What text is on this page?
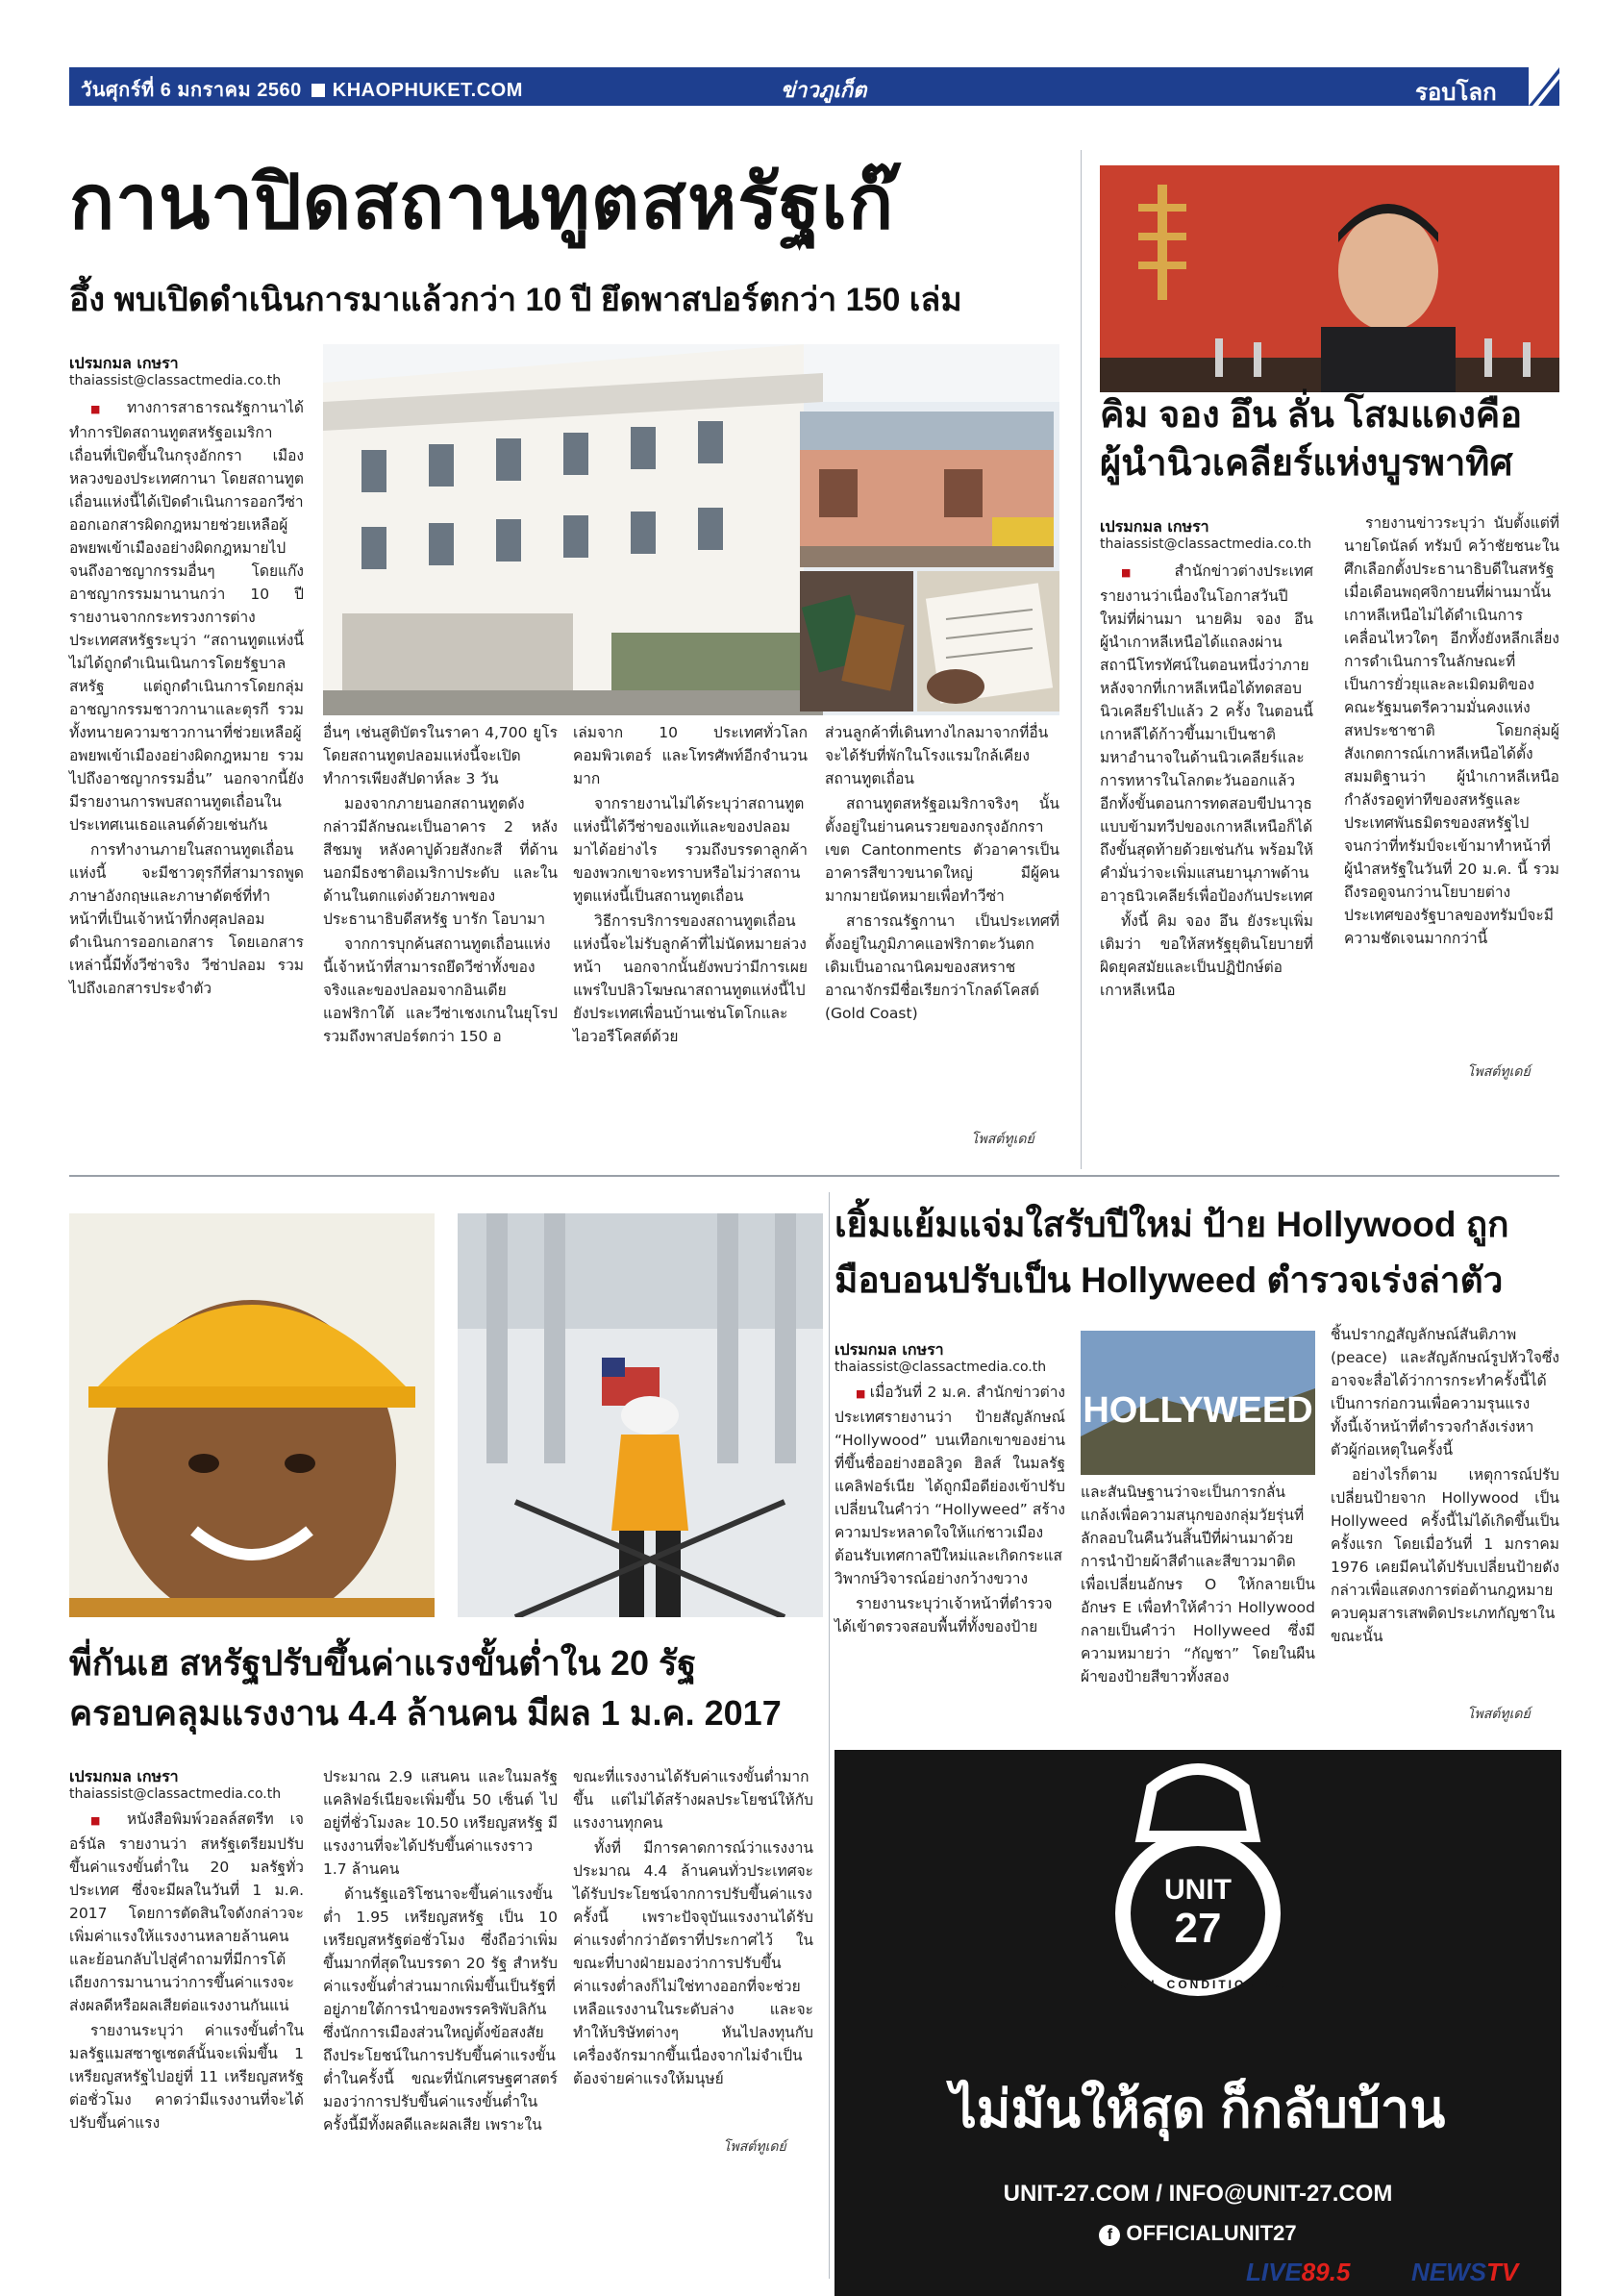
วันศุกร์ที่ 6 มกราคม 2560 KHAOPHUKET.COM	ข่าวภูเก็ต	รอบโลก
กานาปิดสถานทูตสหรัฐเก๊
อึ้ง พบเปิดดำเนินการมาแล้วกว่า 10 ปี ยึดพาสปอร์ตกว่า 150 เล่ม
เปรมกมล เกษรา
thaiassist@classactmedia.co.th

■ ทางการสาธารณรัฐกานาได้ทำการปิดสถานทูตสหรัฐอเมริกาเถื่อนที่เปิดขึ้นในกรุงอักกรา เมืองหลวงของประเทศกานา โดยสถานทูตเถื่อนแห่งนี้ได้เปิดดำเนินการออกวีซ่า ออกเอกสารผิดกฎหมายช่วยเหลือผู้อพยพเข้าเมืองอย่างผิดกฎหมายไปจนถึงอาชญากรรมอื่นๆ โดยแก๊งอาชญากรรมมานานกว่า 10 ปี รายงานจากกระทรวงการต่างประเทศสหรัฐระบุว่า “สถานทูตแห่งนี้ไม่ได้ถูกดำเนินเนินการโดยรัฐบาลสหรัฐ แต่ถูกดำเนินการโดยกลุ่มอาชญากรรมชาวกานาและตุรกี รวมทั้งทนายความชาวกานาที่ช่วยเหลือผู้อพยพเข้าเมืองอย่างผิดกฎหมาย รวมไปถึงอาชญากรรมอื่น” นอกจากนี้ยังมีรายงานการพบสถานทูตเถื่อนในประเทศเนเธอแลนด์ด้วยเช่นกัน

การทำงานภายในสถานทูตเถื่อนแห่งนี้ จะมีชาวตุรกีที่สามารถพูดภาษาอังกฤษและภาษาดัตช์ที่ทำหน้าที่เป็นเจ้าหน้าที่กงศุลปลอม ดำเนินการออกเอกสาร โดยเอกสารเหล่านี้มีทั้งวีซ่าจริง วีซ่าปลอม รวมไปถึงเอกสารประจำตัว

อื่นๆ เช่นสูติบัตรในราคา 4,700 ยูโร โดยสถานทูตปลอมแห่งนี้จะเปิดทำการเพียงสัปดาห์ละ 3 วัน

มองจากภายนอกสถานทูตดังกล่าวมีลักษณะเป็นอาคาร 2 หลังสีชมพู หลังคาปูด้วยสังกะสี ที่ด้านนอกมีธงชาติอเมริกาประดับ และในด้านในตกแต่งด้วยภาพของประธานาธิบดีสหรัฐ บารัก โอบามา

จากการบุกค้นสถานทูตเถื่อนแห่งนี้เจ้าหน้าที่สามารถยึดวีซ่าทั้งของจริงและของปลอมจากอินเดีย แอฟริกาใต้ และวีซ่าเชงเกนในยุโรป รวมถึงพาสปอร์ตกว่า 150 อ

เล่มจาก 10 ประเทศทั่วโลก คอมพิวเตอร์ และโทรศัพท์อีกจำนวนมาก

จากรายงานไม่ได้ระบุว่าสถานทูตแห่งนี้ได้วีซ่าของแท้และของปลอมมาได้อย่างไร รวมถึงบรรดาลูกค้าของพวกเขาจะทราบหรือไม่ว่าสถานทูตแห่งนี้เป็นสถานทูตเถื่อน

วิธีการบริการของสถานทูตเถื่อนแห่งนี้จะไม่รับลูกค้าที่ไม่นัดหมายล่วงหน้า นอกจากนั้นยังพบว่ามีการเผยแพร่ใบปลิวโฆษณาสถานทูตแห่งนี้ไปยังประเทศเพื่อนบ้านเช่นโตโกและไอวอรีโคสต์ด้วย

ส่วนลูกค้าที่เดินทางไกลมาจากที่อื่นจะได้รับที่พักในโรงแรมใกล้เคียงสถานทูตเถื่อน

สถานทูตสหรัฐอเมริกาจริงๆ นั้นตั้งอยู่ในย่านคนรวยของกรุงอักกรา เขต Cantonments ตัวอาคารเป็นอาคารสีขาวขนาดใหญ่ มีผู้คนมากมายนัดหมายเพื่อทำวีซ่า

สาธารณรัฐกานา เป็นประเทศที่ตั้งอยู่ในภูมิภาคแอฟริกาตะวันตก เดิมเป็นอาณานิคมของสหราชอาณาจักรมีชื่อเรียกว่าโกลด์โคสต์ (Gold Coast)

โพสต์ทูเดย์
คิม จอง อึน ลั่น โสมแดงคือ
ผู้นำนิวเคลียร์แห่งบูรพาทิศ
เปรมกมล เกษรา
thaiassist@classactmedia.co.th

■ สำนักข่าวต่างประเทศรายงานว่าเนื่องในโอกาสวันปีใหม่ที่ผ่านมา นายคิม จอง อึน ผู้นำเกาหลีเหนือได้แถลงผ่านสถานีโทรทัศน์ในตอนหนึ่งว่าภายหลังจากที่เกาหลีเหนือได้ทดสอบนิวเคลียร์ไปแล้ว 2 ครั้ง ในตอนนี้ เกาหลีได้ก้าวขึ้นมาเป็นชาติมหาอำนาจในด้านนิวเคลียร์และการทหารในโลกตะวันออกแล้ว อีกทั้งขั้นตอนการทดสอบขีปนาวุธแบบข้ามทวีปของเกาหลีเหนือก็ได้ถึงขั้นสุดท้ายด้วยเช่นกัน พร้อมให้คำมั่นว่าจะเพิ่มแสนยานุภาพด้านอาวุธนิวเคลียร์เพื่อป้องกันประเทศ

ทั้งนี้ คิม จอง อึน ยังระบุเพิ่มเติมว่า ขอให้สหรัฐยุตินโยบายที่ผิดยุคสมัยและเป็นปฏิปักษ์ต่อเกาหลีเหนือ

รายงานข่าวระบุว่า นับตั้งแต่ที่นายโดนัลด์ ทรัมป์ คว้าชัยชนะในศึกเลือกตั้งประธานาธิบดีในสหรัฐเมื่อเดือนพฤศจิกายนที่ผ่านมานั้นเกาหลีเหนือไม่ได้ดำเนินการเคลื่อนไหวใดๆ อีกทั้งยังหลีกเลี่ยงการดำเนินการในลักษณะที่เป็นการยั่วยุและละเมิดมติของคณะรัฐมนตรีความมั่นคงแห่งสหประชาชาติ โดยกลุ่มผู้สังเกตการณ์เกาหลีเหนือได้ตั้งสมมติฐานว่า ผู้นำเกาหลีเหนือกำลังรอดูท่าทีของสหรัฐและประเทศพันธมิตรของสหรัฐไปจนกว่าที่ทรัมป์จะเข้ามาทำหน้าที่ผู้นำสหรัฐในวันที่ 20 ม.ค. นี้ รวมถึงรอดูจนกว่านโยบายต่างประเทศของรัฐบาลของทรัมป์จะมีความชัดเจนมากกว่านี้

โพสต์ทูเดย์
พี่กันเฮ สหรัฐปรับขึ้นค่าแรงขั้นต่ำใน 20 รัฐ
ครอบคลุมแรงงาน 4.4 ล้านคน มีผล 1 ม.ค. 2017
เปรมกมล เกษรา
thaiassist@classactmedia.co.th

■ หนังสือพิมพ์วอลล์สตรีท เจอร์นัล รายงานว่า สหรัฐเตรียมปรับขึ้นค่าแรงขั้นต่ำใน 20 มลรัฐทั่วประเทศ ซึ่งจะมีผลในวันที่ 1 ม.ค. 2017 โดยการตัดสินใจดังกล่าวจะเพิ่มค่าแรงให้แรงงานหลายล้านคน และย้อนกลับไปสู่คำถามที่มีการโต้เถียงการมานานว่าการขึ้นค่าแรงจะส่งผลดีหรือผลเสียต่อแรงงานกันแน่

รายงานระบุว่า ค่าแรงขั้นต่ำในมลรัฐแมสซาชูเซตส์นั้นจะเพิ่มขึ้น 1 เหรียญสหรัฐไปอยู่ที่ 11 เหรียญสหรัฐต่อชั่วโมง คาดว่ามีแรงงานที่จะได้ปรับขึ้นค่าแรง

ประมาณ 2.9 แสนคน และในมลรัฐแคลิฟอร์เนียจะเพิ่มขึ้น 50 เซ็นต์ ไปอยู่ที่ชั่วโมงละ 10.50 เหรียญสหรัฐ มีแรงงานที่จะได้ปรับขึ้นค่าแรงราว 1.7 ล้านคน

ด้านรัฐแอริโซนาจะขึ้นค่าแรงขั้นต่ำ 1.95 เหรียญสหรัฐ เป็น 10 เหรียญสหรัฐต่อชั่วโมง ซึ่งถือว่าเพิ่มขึ้นมากที่สุดในบรรดา 20 รัฐ สำหรับค่าแรงขั้นต่ำส่วนมากเพิ่มขึ้นเป็นรัฐที่อยู่ภายใต้การนำของพรรคริพับลิกัน ซึ่งนักการเมืองส่วนใหญ่ตั้งข้อสงสัยถึงประโยชน์ในการปรับขึ้นค่าแรงขั้นต่ำในครั้งนี้ ขณะที่นักเศรษฐศาสตร์มองว่าการปรับขึ้นค่าแรงขั้นต่ำในครั้งนี้มีทั้งผลดีและผลเสีย เพราะใน

ขณะที่แรงงานได้รับค่าแรงขั้นต่ำมากขึ้น แต่ไม่ได้สร้างผลประโยชน์ให้กับแรงงานทุกคน

ทั้งที่ มีการคาดการณ์ว่าแรงงานประมาณ 4.4 ล้านคนทั่วประเทศจะได้รับประโยชน์จากการปรับขึ้นค่าแรงครั้งนี้ เพราะปัจจุบันแรงงานได้รับค่าแรงต่ำกว่าอัตราที่ประกาศไว้ ในขณะที่บางฝ่ายมองว่าการปรับขึ้นค่าแรงต่ำลงก็ไม่ใช่ทางออกที่จะช่วยเหลือแรงงานในระดับล่าง และจะทำให้บริษัทต่างๆ หันไปลงทุนกับเครื่องจักรมากขึ้นเนื่องจากไม่จำเป็นต้องจ่ายค่าแรงให้มนุษย์

โพสต์ทูเดย์
เยิ้มแย้มแจ่มใสรับปีใหม่ ป้าย Hollywood ถูก
มือบอนปรับเป็น Hollyweed ตำรวจเร่งล่าตัว
เปรมกมล เกษรา
thaiassist@classactmedia.co.th
HOLLYWEED

■ เมื่อวันที่ 2 ม.ค. สำนักข่าวต่างประเทศรายงานว่า ป้ายสัญลักษณ์ “Hollywood” บนเทือกเขาของย่านที่ขึ้นชื่ออย่างฮอลิวูด ฮิลส์ ในมลรัฐแคลิฟอร์เนีย ได้ถูกมือดีย่องเข้าปรับเปลี่ยนในคำว่า “Hollyweed” สร้างความประหลาดใจให้แก่ชาวเมืองต้อนรับเทศกาลปีใหม่และเกิดกระแสวิพากษ์วิจารณ์อย่างกว้างขวาง

รายงานระบุว่าเจ้าหน้าที่ตำรวจได้เข้าตรวจสอบพื้นที่ทั้งของป้าย

และสันนิษฐานว่าจะเป็นการกลั่นแกล้งเพื่อความสนุกของกลุ่มวัยรุ่นที่ลักลอบในคืนวันสิ้นปีที่ผ่านมาด้วยการนำป้ายผ้าสีดำและสีขาวมาติดเพื่อเปลี่ยนอักษร O ให้กลายเป็นอักษร E เพื่อทำให้คำว่า Hollywood กลายเป็นคำว่า Hollyweed ซึ่งมีความหมายว่า “กัญชา” โดยในผืนผ้าของป้ายสีขาวทั้งสอง

ชิ้นปรากฏสัญลักษณ์สันติภาพ (peace) และสัญลักษณ์รูปหัวใจซึ่งอาจจะสื่อได้ว่าการกระทำครั้งนี้ได้เป็นการก่อกวนเพื่อความรุนแรง ทั้งนี้เจ้าหน้าที่ตำรวจกำลังเร่งหาตัวผู้ก่อเหตุในครั้งนี้

อย่างไรก็ตาม เหตุการณ์ปรับเปลี่ยนป้ายจาก Hollywood เป็น Hollyweed ครั้งนี้ไม่ได้เกิดขึ้นเป็นครั้งแรก โดยเมื่อวันที่ 1 มกราคม 1976 เคยมีคนได้ปรับเปลี่ยนป้ายดังกล่าวเพื่อแสดงการต่อต้านกฎหมายควบคุมสารเสพติดประเภทกัญชาในขณะนั้น

โพสต์ทูเดย์
UNIT
27
TOTAL CONDITIONING
ไม่มันให้สุด ก็กลับบ้าน
UNIT-27.COM / INFO@UNIT-27.COM
f OFFICIALUNIT27
LIVE89.5 NEWSTV
